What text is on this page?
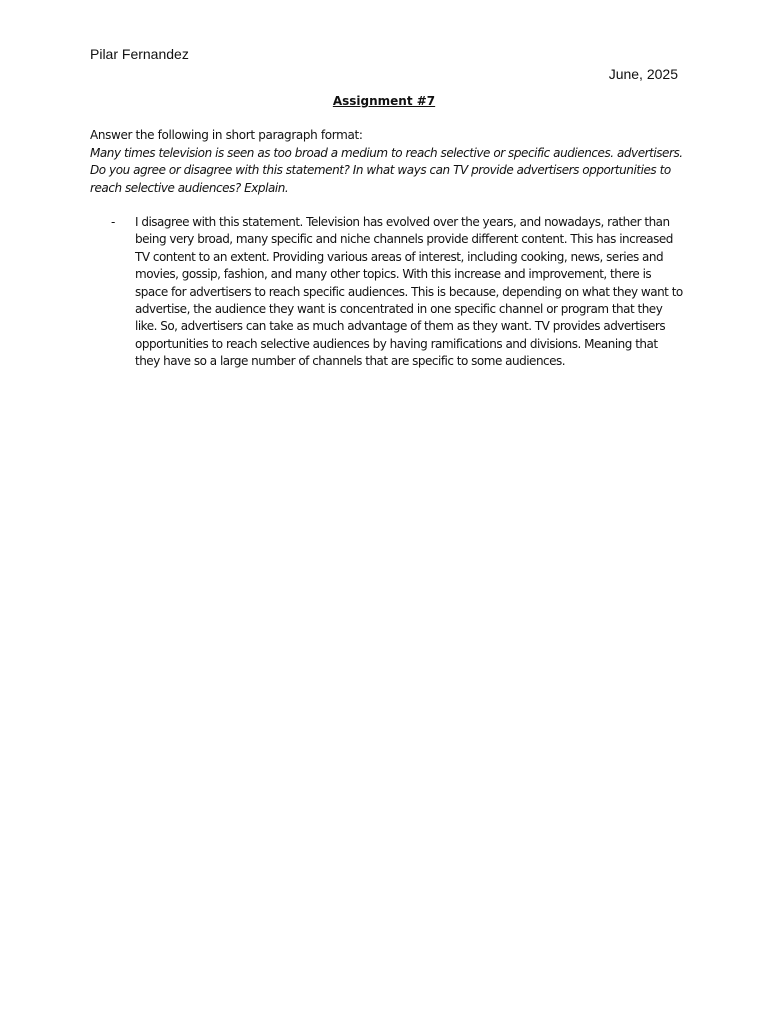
Pilar Fernandez
June, 2025
Assignment #7
Answer the following in short paragraph format:
Many times television is seen as too broad a medium to reach selective or specific audiences. advertisers. Do you agree or disagree with this statement? In what ways can TV provide advertisers opportunities to reach selective audiences? Explain.
- I disagree with this statement. Television has evolved over the years, and nowadays, rather than being very broad, many specific and niche channels provide different content. This has increased TV content to an extent. Providing various areas of interest, including cooking, news, series and movies, gossip, fashion, and many other topics. With this increase and improvement, there is space for advertisers to reach specific audiences. This is because, depending on what they want to advertise, the audience they want is concentrated in one specific channel or program that they like. So, advertisers can take as much advantage of them as they want. TV provides advertisers opportunities to reach selective audiences by having ramifications and divisions. Meaning that they have so a large number of channels that are specific to some audiences.
